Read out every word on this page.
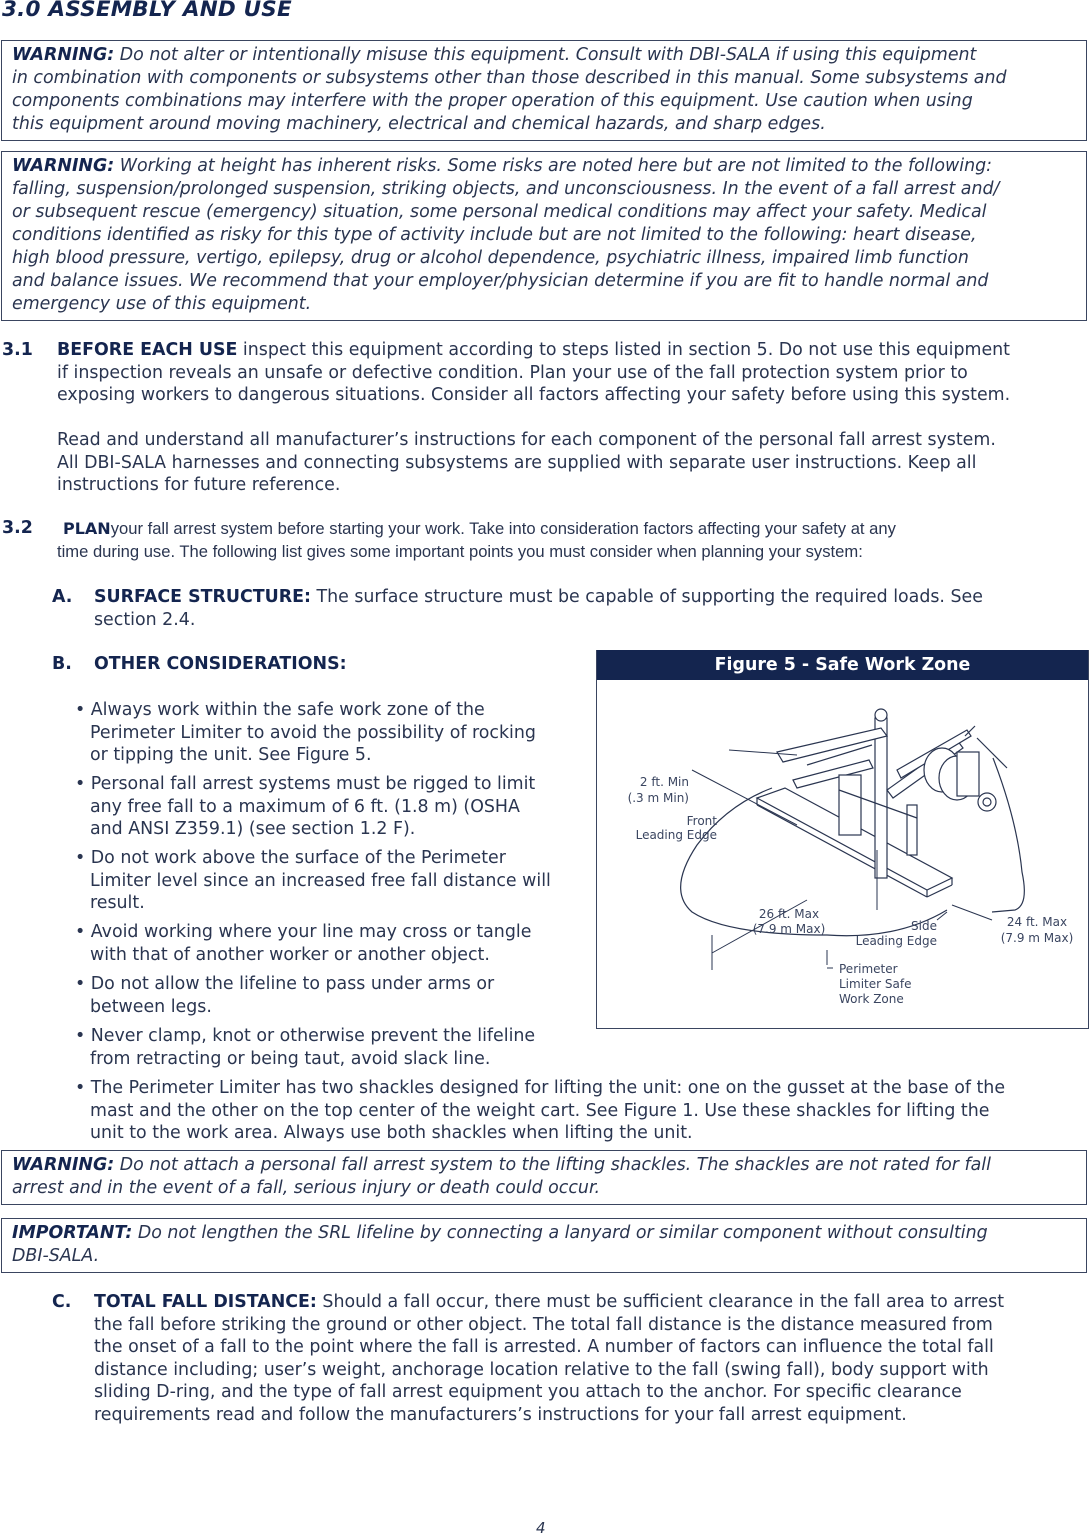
3.0 ASSEMBLY AND USE
WARNING: Do not alter or intentionally misuse this equipment. Consult with DBI-SALA if using this equipment
in combination with components or subsystems other than those described in this manual. Some subsystems and
components combinations may interfere with the proper operation of this equipment. Use caution when using
this equipment around moving machinery, electrical and chemical hazards, and sharp edges.
WARNING: Working at height has inherent risks. Some risks are noted here but are not limited to the following:
falling, suspension/prolonged suspension, striking objects, and unconsciousness. In the event of a fall arrest and/
or subsequent rescue (emergency) situation, some personal medical conditions may affect your safety. Medical
conditions identified as risky for this type of activity include but are not limited to the following: heart disease,
high blood pressure, vertigo, epilepsy, drug or alcohol dependence, psychiatric illness, impaired limb function
and balance issues. We recommend that your employer/physician determine if you are fit to handle normal and
emergency use of this equipment.
3.1 BEFORE EACH USE inspect this equipment according to steps listed in section 5. Do not use this equipment
if inspection reveals an unsafe or defective condition. Plan your use of the fall protection system prior to
exposing workers to dangerous situations. Consider all factors affecting your safety before using this system.
Read and understand all manufacturer’s instructions for each component of the personal fall arrest system.
All DBI-SALA harnesses and connecting subsystems are supplied with separate user instructions. Keep all
instructions for future reference.
3.2	PLANyour fall arrest system before starting your work. Take into consideration factors affecting your safety at any
time during use. The following list gives some important points you must consider when planning your system:
A. SURFACE STRUCTURE: The surface structure must be capable of supporting the required loads. See
section 2.4.
B. OTHER CONSIDERATIONS:
• Always work within the safe work zone of the
Perimeter Limiter to avoid the possibility of rocking
or tipping the unit. See Figure 5.
• Personal fall arrest systems must be rigged to limit
any free fall to a maximum of 6 ft. (1.8 m) (OSHA
and ANSI Z359.1) (see section 1.2 F).
• Do not work above the surface of the Perimeter
Limiter level since an increased free fall distance will
result.
• Avoid working where your line may cross or tangle
with that of another worker or another object.
• Do not allow the lifeline to pass under arms or
between legs.
• Never clamp, knot or otherwise prevent the lifeline
from retracting or being taut, avoid slack line.
• The Perimeter Limiter has two shackles designed for lifting the unit: one on the gusset at the base of the
mast and the other on the top center of the weight cart. See Figure 1. Use these shackles for lifting the
unit to the work area. Always use both shackles when lifting the unit.
Figure 5 - Safe Work Zone
2 ft. Min
(.3 m Min)
Front
Leading Edge
26 ft. Max
(7.9 m Max)	Side
Leading Edge
24 ft. Max
(7.9 m Max)
Perimeter
Limiter Safe
Work Zone
WARNING: Do not attach a personal fall arrest system to the lifting shackles. The shackles are not rated for fall
arrest and in the event of a fall, serious injury or death could occur.
IMPORTANT: Do not lengthen the SRL lifeline by connecting a lanyard or similar component without consulting
DBI-SALA.
C. TOTAL FALL DISTANCE: Should a fall occur, there must be sufficient clearance in the fall area to arrest
the fall before striking the ground or other object. The total fall distance is the distance measured from
the onset of a fall to the point where the fall is arrested. A number of factors can influence the total fall
distance including; user’s weight, anchorage location relative to the fall (swing fall), body support with
sliding D-ring, and the type of fall arrest equipment you attach to the anchor. For specific clearance
requirements read and follow the manufacturers’s instructions for your fall arrest equipment.
4
